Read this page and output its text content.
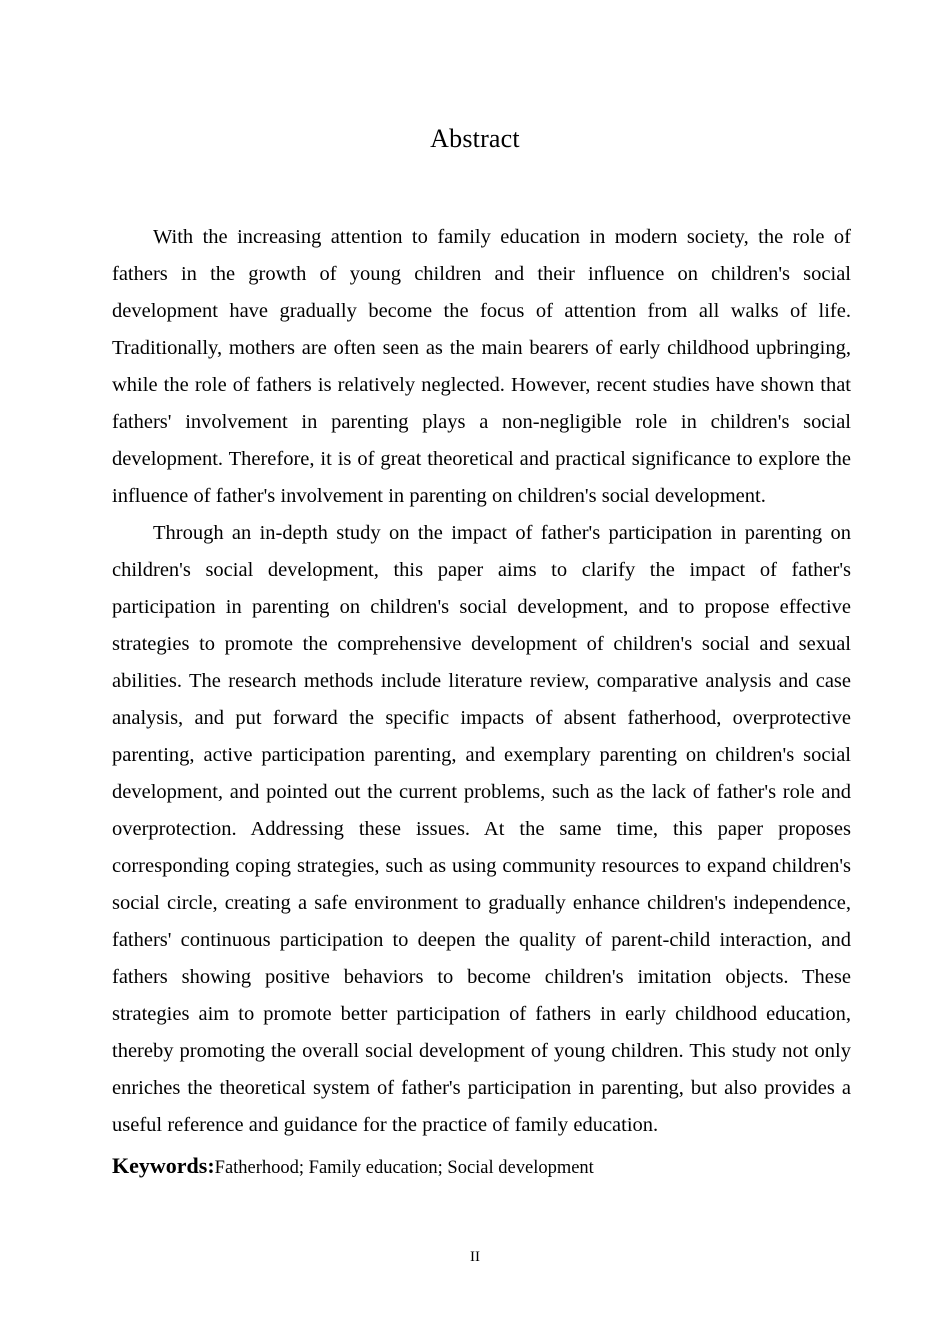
Abstract

With the increasing attention to family education in modern society, the role of fathers in the growth of young children and their influence on children's social development have gradually become the focus of attention from all walks of life. Traditionally, mothers are often seen as the main bearers of early childhood upbringing, while the role of fathers is relatively neglected. However, recent studies have shown that fathers' involvement in parenting plays a non-negligible role in children's social development. Therefore, it is of great theoretical and practical significance to explore the influence of father's involvement in parenting on children's social development.

Through an in-depth study on the impact of father's participation in parenting on children's social development, this paper aims to clarify the impact of father's participation in parenting on children's social development, and to propose effective strategies to promote the comprehensive development of children's social and sexual abilities. The research methods include literature review, comparative analysis and case analysis, and put forward the specific impacts of absent fatherhood, overprotective parenting, active participation parenting, and exemplary parenting on children's social development, and pointed out the current problems, such as the lack of father's role and overprotection. Addressing these issues. At the same time, this paper proposes corresponding coping strategies, such as using community resources to expand children's social circle, creating a safe environment to gradually enhance children's independence, fathers' continuous participation to deepen the quality of parent-child interaction, and fathers showing positive behaviors to become children's imitation objects. These strategies aim to promote better participation of fathers in early childhood education, thereby promoting the overall social development of young children. This study not only enriches the theoretical system of father's participation in parenting, but also provides a useful reference and guidance for the practice of family education.

Keywords:Fatherhood; Family education; Social development
II
